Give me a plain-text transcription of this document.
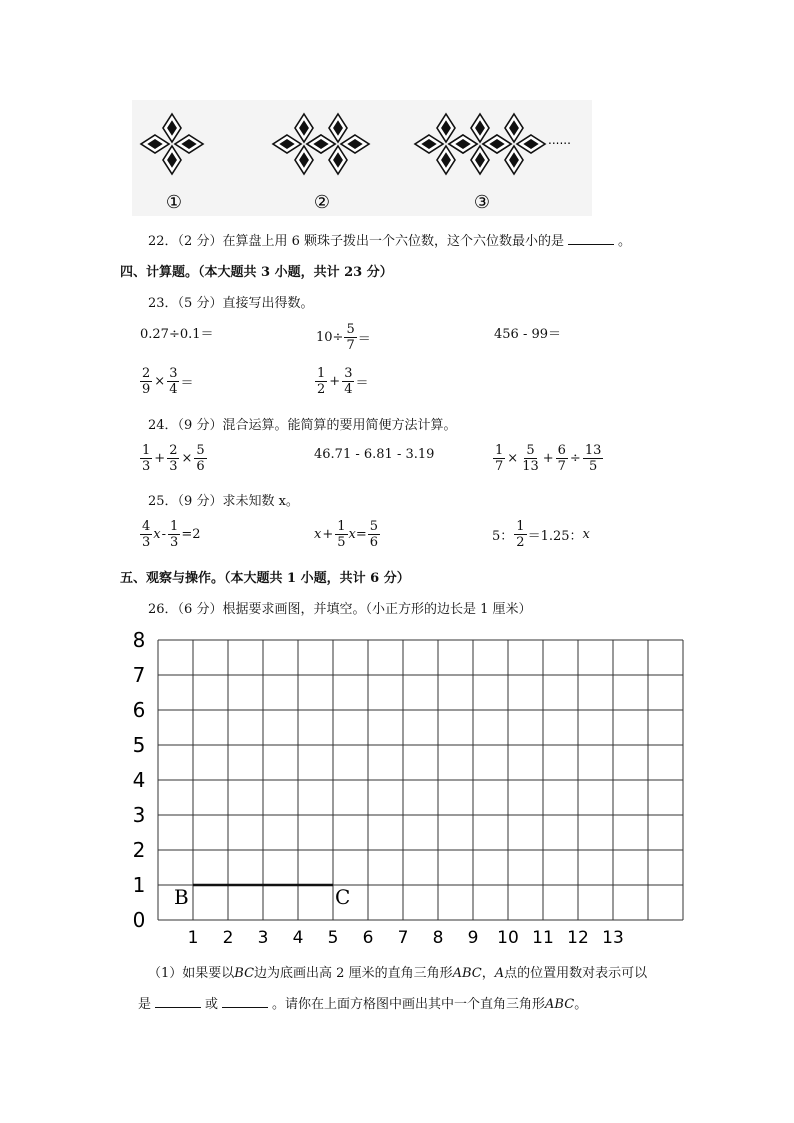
①	②	③
......
22．（2 分）在算盘上用 6 颗珠子拨出一个六位数，这个六位数最小的是	。
四、计算题。（本大题共 3 小题，共计 23 分）
23．（5 分）直接写出得数。
0.27÷0.1＝	$10\div \frac{5}{7}$ ＝	456 - 99＝
$\frac{2}{9} \times \frac{3}{4}$ ＝	$\frac{1}{2} + \frac{3}{4}$ ＝
24．（9 分）混合运算。能简算的要用简便方法计算。
$\frac{1}{3} + \frac{2}{3} \times \frac{5}{6}$	46.71 - 6.81 - 3.19	$\frac{1}{7} \times \frac{5}{13} + \frac{6}{7} \div \frac{13}{5}$
25．（9 分）求未知数 x。
$\frac{4}{3}$ $x - \frac{1}{3} =2$	$x + \frac{1}{5}$ $x = \frac{5}{6}$	5： $\frac{1}{2} =1.25$： x
五、观察与操作。（本大题共 1 小题，共计 6 分）
26．（6 分）根据要求画图，并填空。（小正方形的边长是 1 厘米）
0
1
2
3
4
5
6
7
8
1 2 3 4 5 6 7 8 9 10 11 12 13
B	C
（1）如果要以BC边为底画出高 2 厘米的直角三角形ABC，A点的位置用数对表示可以
是	或	。请你在上面方格图中画出其中一个直角三角形ABC。
